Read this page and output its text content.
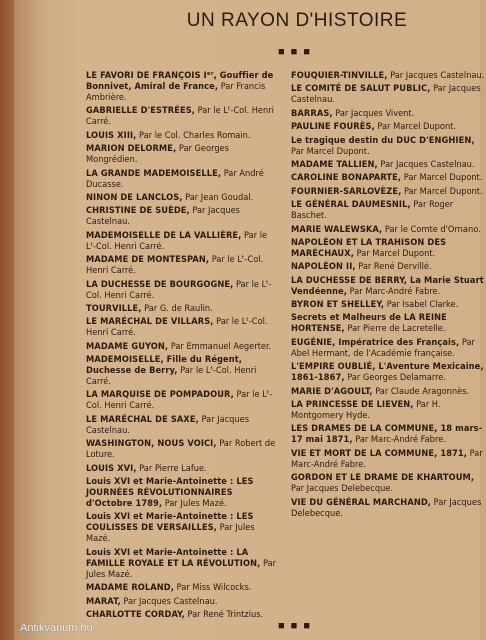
UN RAYON D'HISTOIRE
■■■
LE FAVORI DE FRANÇOIS Iᵉʳ, Gouffier de Bonnivet, Amiral de France, Par Francis Ambrière.
GABRIELLE D'ESTRÉES, Par le Lᵗ-Col. Henri Carré.
LOUIS XIII, Par le Col. Charles Romain.
MARION DELORME, Par Georges Mongrédien.
LA GRANDE MADEMOISELLE, Par André Ducasse.
NINON DE LANCLOS, Par Jean Goudal.
CHRISTINE DE SUÈDE, Par Jacques Castelnau.
MADEMOISELLE DE LA VALLIÈRE, Par le Lᵗ-Col. Henri Carré.
MADAME DE MONTESPAN, Par le Lᵗ-Col. Henri Carré.
LA DUCHESSE DE BOURGOGNE, Par le Lᵗ-Col. Henri Carré.
TOURVILLE, Par G. de Raulin.
LE MARÉCHAL DE VILLARS, Par le Lᵗ-Col. Henri Carré.
MADAME GUYON, Par Emmanuel Aegerter.
MADEMOISELLE, Fille du Régent, Duchesse de Berry, Par le Lᵗ-Col. Henri Carré.
LA MARQUISE DE POMPADOUR, Par le Lᵗ-Col. Henri Carré.
LE MARÉCHAL DE SAXE, Par Jacques Castelnau.
WASHINGTON, NOUS VOICI, Par Robert de Loture.
LOUIS XVI, Par Pierre Lafue.
Louis XVI et Marie-Antoinette : LES JOURNÉES RÉVOLUTIONNAIRES d'Octobre 1789, Par Jules Mazé.
Louis XVI et Marie-Antoinette : LES COULISSES DE VERSAILLES, Par Jules Mazé.
Louis XVI et Marie-Antoinette : LA FAMILLE ROYALE ET LA RÉVOLUTION, Par Jules Mazé.
MADAME ROLAND, Par Miss Wilcocks.
MARAT, Par Jacques Castelnau.
CHARLOTTE CORDAY, Par René Trintzius.
FOUQUIER-TINVILLE, Par Jacques Castelnau.
LE COMITÉ DE SALUT PUBLIC, Par Jacques Castelnau.
BARRAS, Par Jacques Vivent.
PAULINE FOURÈS, Par Marcel Dupont.
Le tragique destin du DUC D'ENGHIEN, Par Marcel Dupont.
MADAME TALLIEN, Par Jacques Castelnau.
CAROLINE BONAPARTE, Par Marcel Dupont.
FOURNIER-SARLOVÈZE, Par Marcel Dupont.
LE GÉNÉRAL DAUMESNIL, Par Roger Baschet.
MARIE WALEWSKA, Par le Comte d'Ornano.
NAPOLÉON ET LA TRAHISON DES MARÉCHAUX, Par Marcel Dupont.
NAPOLÉON II, Par René Dervillé.
LA DUCHESSE DE BERRY, La Marie Stuart Vendéenne, Par Marc-André Fabre.
BYRON ET SHELLEY, Par Isabel Clarke.
Secrets et Malheurs de LA REINE HORTENSE, Par Pierre de Lacretelle.
EUGÉNIE, Impératrice des Français, Par Abel Hermant, de l'Académie française.
L'EMPIRE OUBLIÉ, L'Aventure Mexicaine, 1861-1867, Par Georges Delamarre.
MARIE D'AGOULT, Par Claude Aragonnès.
LA PRINCESSE DE LIEVEN, Par H. Montgomery Hyde.
LES DRAMES DE LA COMMUNE, 18 mars-17 mai 1871, Par Marc-André Fabre.
VIE ET MORT DE LA COMMUNE, 1871, Par Marc-André Fabre.
GORDON ET LE DRAME DE KHARTOUM, Par Jacques Delebecque.
VIE DU GÉNÉRAL MARCHAND, Par Jacques Delebecque.
■■■
Antikvarium.hu
